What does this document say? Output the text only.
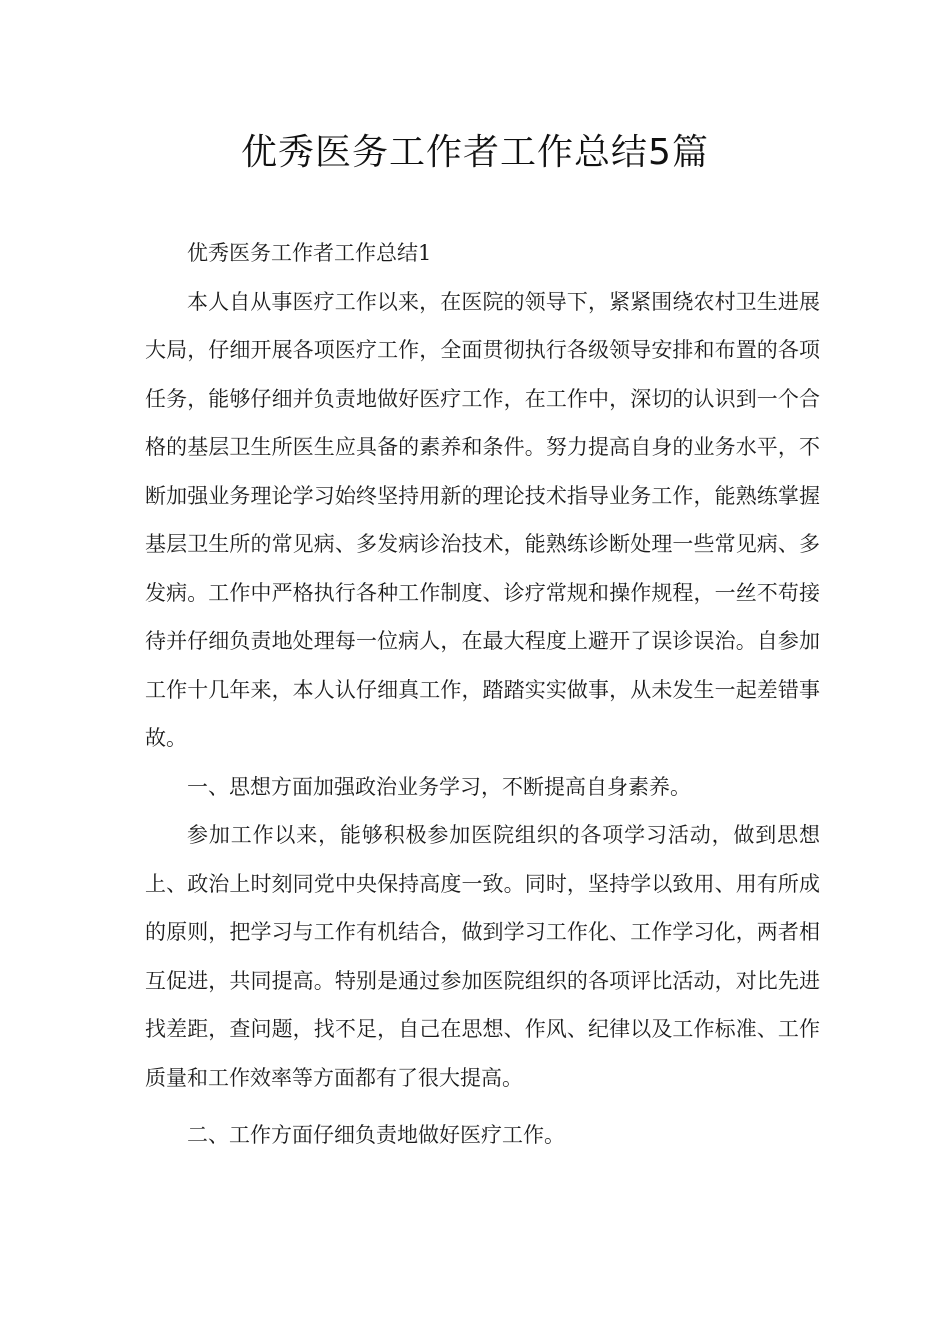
优秀医务工作者工作总结5篇

优秀医务工作者工作总结1

本人自从事医疗工作以来，在医院的领导下，紧紧围绕农村卫生进展大局，仔细开展各项医疗工作，全面贯彻执行各级领导安排和布置的各项任务，能够仔细并负责地做好医疗工作，在工作中，深切的认识到一个合格的基层卫生所医生应具备的素养和条件。努力提高自身的业务水平，不断加强业务理论学习始终坚持用新的理论技术指导业务工作，能熟练掌握基层卫生所的常见病、多发病诊治技术，能熟练诊断处理一些常见病、多发病。工作中严格执行各种工作制度、诊疗常规和操作规程，一丝不苟接待并仔细负责地处理每一位病人，在最大程度上避开了误诊误治。自参加工作十几年来，本人认仔细真工作，踏踏实实做事，从未发生一起差错事故。

一、思想方面加强政治业务学习，不断提高自身素养。

参加工作以来，能够积极参加医院组织的各项学习活动，做到思想上、政治上时刻同党中央保持高度一致。同时，坚持学以致用、用有所成的原则，把学习与工作有机结合，做到学习工作化、工作学习化，两者相互促进，共同提高。特别是通过参加医院组织的各项评比活动，对比先进找差距，查问题，找不足，自己在思想、作风、纪律以及工作标准、工作质量和工作效率等方面都有了很大提高。

二、工作方面仔细负责地做好医疗工作。
